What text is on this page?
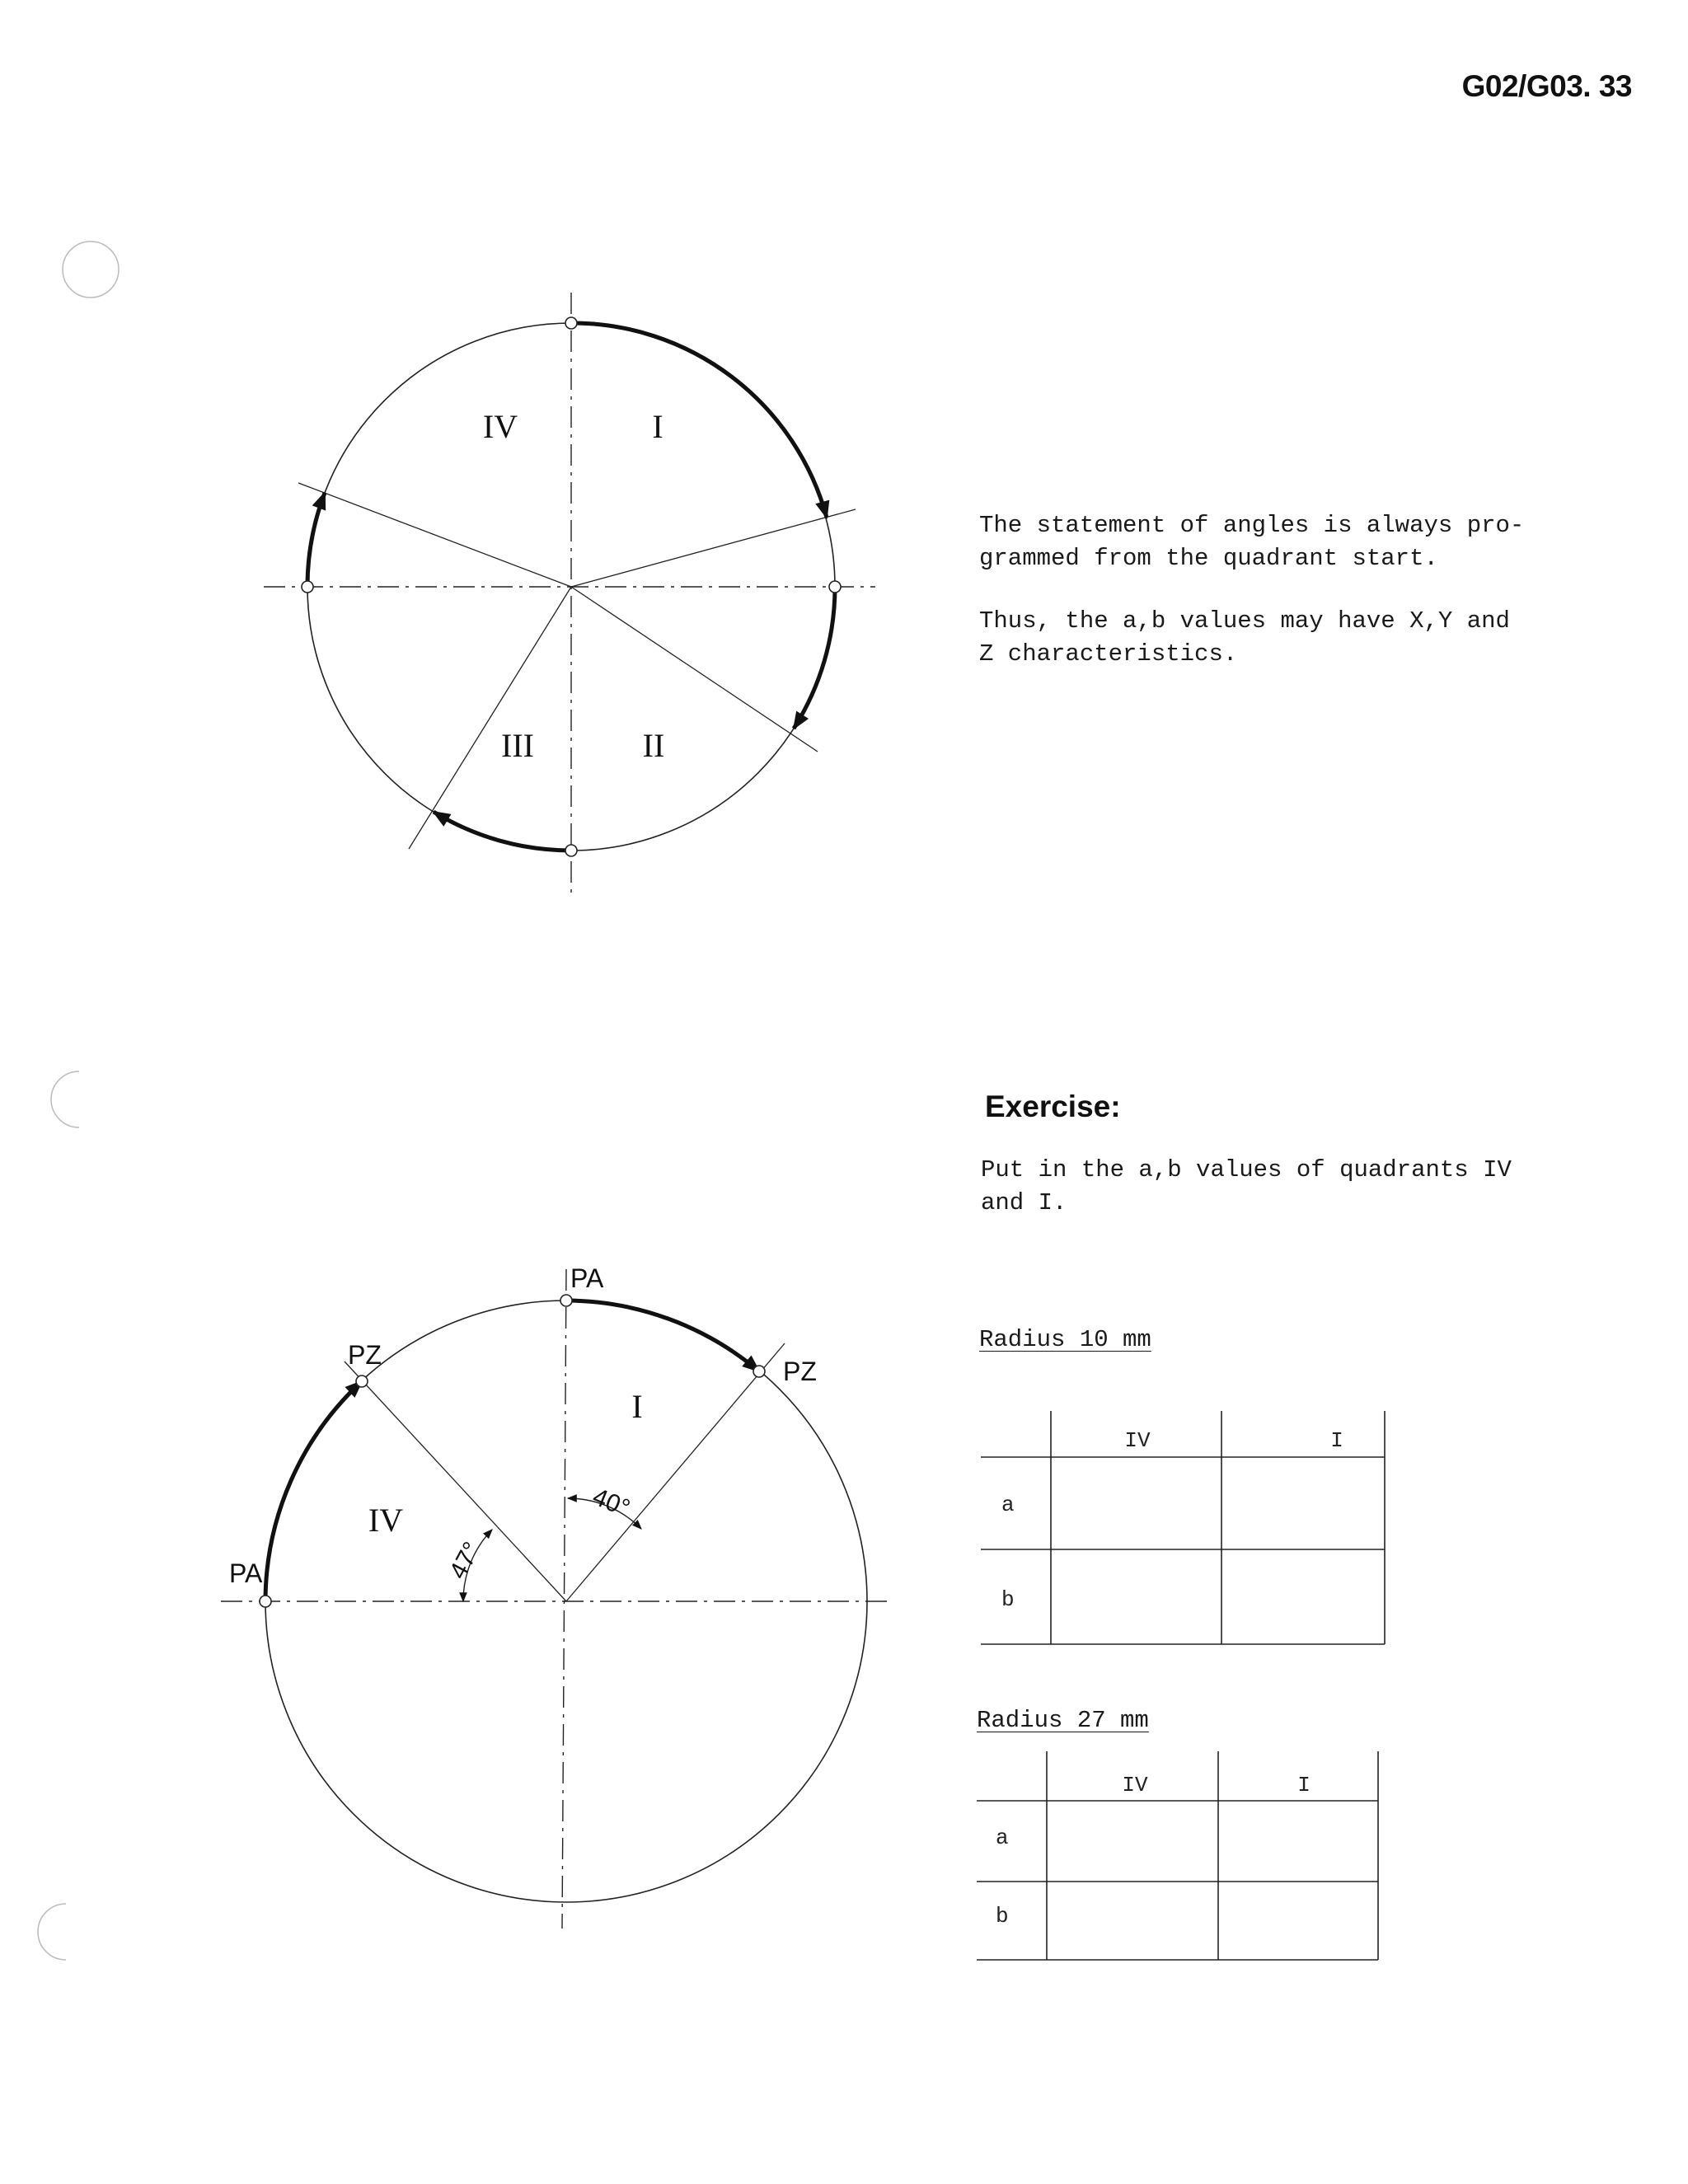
G02/G03. 33
IV	I
III	II
PA
PZ
PZ
PA
I
IV	40°
47°
IV	I
a
b
IV	I
a
b
The statement of angles is always pro-
grammed from the quadrant start.
Thus, the a,b values may have X,Y and
Z characteristics.
Exercise:
Put in the a,b values of quadrants IV
and I.
Radius 10 mm
Radius 27 mm
